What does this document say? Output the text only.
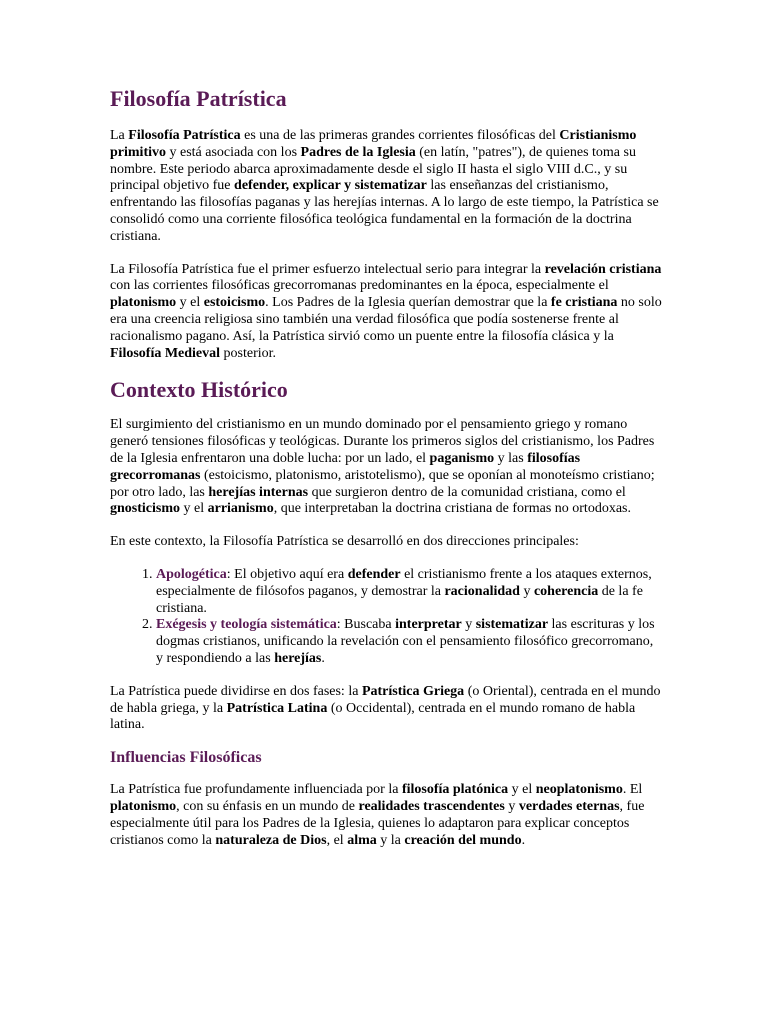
Filosofía Patrística

La Filosofía Patrística es una de las primeras grandes corrientes filosóficas del Cristianismo primitivo y está asociada con los Padres de la Iglesia (en latín, "patres"), de quienes toma su nombre. Este periodo abarca aproximadamente desde el siglo II hasta el siglo VIII d.C., y su principal objetivo fue defender, explicar y sistematizar las enseñanzas del cristianismo, enfrentando las filosofías paganas y las herejías internas. A lo largo de este tiempo, la Patrística se consolidó como una corriente filosófica teológica fundamental en la formación de la doctrina cristiana.

La Filosofía Patrística fue el primer esfuerzo intelectual serio para integrar la revelación cristiana con las corrientes filosóficas grecorromanas predominantes en la época, especialmente el platonismo y el estoicismo. Los Padres de la Iglesia querían demostrar que la fe cristiana no solo era una creencia religiosa sino también una verdad filosófica que podía sostenerse frente al racionalismo pagano. Así, la Patrística sirvió como un puente entre la filosofía clásica y la Filosofía Medieval posterior.

Contexto Histórico

El surgimiento del cristianismo en un mundo dominado por el pensamiento griego y romano generó tensiones filosóficas y teológicas. Durante los primeros siglos del cristianismo, los Padres de la Iglesia enfrentaron una doble lucha: por un lado, el paganismo y las filosofías grecorromanas (estoicismo, platonismo, aristotelismo), que se oponían al monoteísmo cristiano; por otro lado, las herejías internas que surgieron dentro de la comunidad cristiana, como el gnosticismo y el arrianismo, que interpretaban la doctrina cristiana de formas no ortodoxas.

En este contexto, la Filosofía Patrística se desarrolló en dos direcciones principales:

1. Apologética: El objetivo aquí era defender el cristianismo frente a los ataques externos, especialmente de filósofos paganos, y demostrar la racionalidad y coherencia de la fe cristiana.
2. Exégesis y teología sistemática: Buscaba interpretar y sistematizar las escrituras y los dogmas cristianos, unificando la revelación con el pensamiento filosófico grecorromano, y respondiendo a las herejías.

La Patrística puede dividirse en dos fases: la Patrística Griega (o Oriental), centrada en el mundo de habla griega, y la Patrística Latina (o Occidental), centrada en el mundo romano de habla latina.

Influencias Filosóficas

La Patrística fue profundamente influenciada por la filosofía platónica y el neoplatonismo. El platonismo, con su énfasis en un mundo de realidades trascendentes y verdades eternas, fue especialmente útil para los Padres de la Iglesia, quienes lo adaptaron para explicar conceptos cristianos como la naturaleza de Dios, el alma y la creación del mundo.
